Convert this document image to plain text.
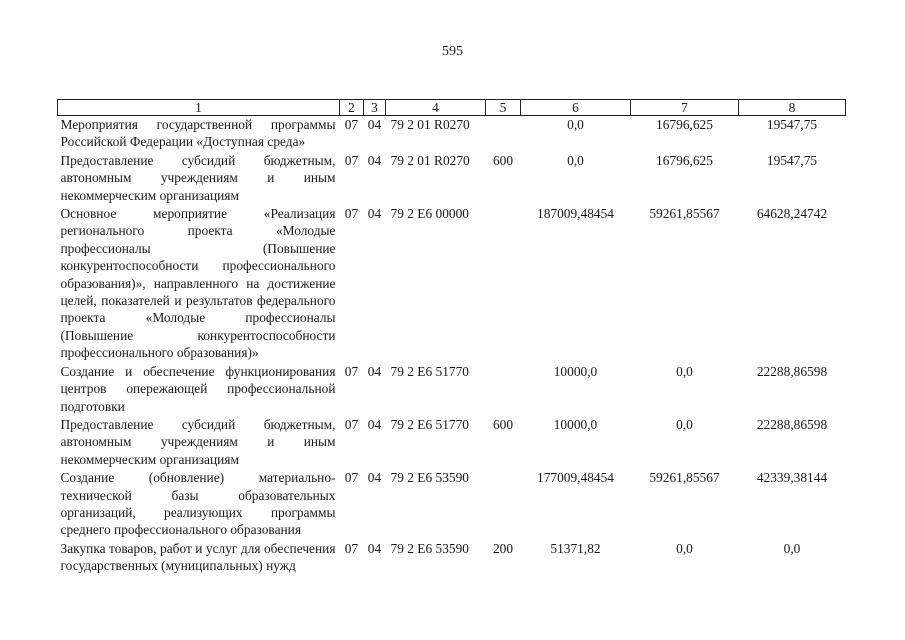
595
1	2	3	4	5	6	7	8
Мероприятия государственной программы Российской Федерации «Доступная среда»	07	04	79 2 01 R0270		0,0	16796,625	19547,75
Предоставление субсидий бюджетным, автономным учреждениям и иным некоммерческим организациям	07	04	79 2 01 R0270	600	0,0	16796,625	19547,75
Основное мероприятие «Реализация регионального проекта «Молодые профессионалы (Повышение конкурентоспособности профессионального образования)», направленного на достижение целей, показателей и результатов федерального проекта «Молодые профессионалы (Повышение конкурентоспособности профессионального образования)»	07	04	79 2 E6 00000		187009,48454	59261,85567	64628,24742
Создание и обеспечение функционирования центров опережающей профессиональной подготовки	07	04	79 2 E6 51770		10000,0	0,0	22288,86598
Предоставление субсидий бюджетным, автономным учреждениям и иным некоммерческим организациям	07	04	79 2 E6 51770	600	10000,0	0,0	22288,86598
Создание (обновление) материально-технической базы образовательных организаций, реализующих программы среднего профессионального образования	07	04	79 2 E6 53590		177009,48454	59261,85567	42339,38144
Закупка товаров, работ и услуг для обеспечения государственных (муниципальных) нужд	07	04	79 2 E6 53590	200	51371,82	0,0	0,0
